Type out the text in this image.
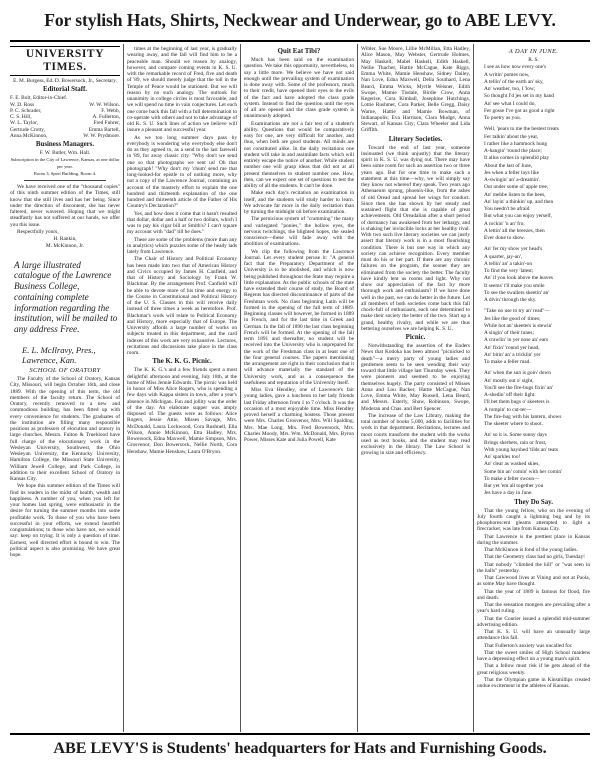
For stylish Hats, Shirts, Neckwear and Underwear, go to ABE LEVY.
UNIVERSITY TIMES.

E. M. Burgess, Ed. D. Bowersock, Jr., Secretary.

Editorial Staff.
F. E. Bolt, Editor-in-Chief.
W. D. Ross	W. W. Wilson.
P. C. Schrader,	F. Webb,
C. S. Hill,	A. Fullerton,
W. L. Taylor,	Fred Fuhrer,
Gertrude Crotty,	Emma Bartell,
Anna McKinnon,	W. W. Prydmore.
Business Managers.

F. W. Butler, Wm. Hall.

Subscription in the City of Lawrence, Kansas, at one dollar per year.

Room 3, Sport Building, Room 4.

We have received one of the "thousand copies" of this ninth summer edition of the Times, still know that she still lives and has her being. Since under the direction of discontent, she has never faltered, never wavered. Hoping that we might steadfastly has not suffered at our hands, we offer you this issue.

Respectfully yours,

H. Rankin,

M. McKinnon, Jr.

A large illustrated catalogue of the Lawrence Business College, containing complete information regarding the institution, will be mailed to any address Free.
E. L. McIlravy, Pres., Lawrence, Kan.
SCHOOL OF ORATORY

The Faculty of the School of Oratory, Kansas City, Missouri, will begin October 16th, and close 1889. With the opening of this term, the old members of the faculty return. The School of Oratory, recently removed to a new and commodious building, has been fitted up with every convenience for students. The graduates of the institution are filling many responsible positions as professors of elocution and oratory in large churches. Messrs. Fulton & Trueblood have full charge of the elocutionary work in the Wesleyan University, Southwest, the Ohio Wesleyan University, the Kentucky University, Hamilton College, the Missouri State University, William Jewell College, and Park College, in addition to their excellent School of Oratory in Kansas City.

We hope this summer edition of the Times will find its readers in the midst of health, wealth and happiness. A number of you, when you left for your homes last spring, were enthusiastic in the desire for turning the summer months into some profitable work. To those of you who have been successful in your efforts, we extend heartfelt congratulations; to those who have not, we would say: keep on trying. It is only a question of time. Earnest, well directed effort is bound to win. The political aspect is also promising. We have great hope.

times at the beginning of last year, is gradually wearing away, and the fall will find him to be a peaceable man. Should we reason by analogy, however, and compare coming events in K. S. U. with the remarkable record of Fred, five and death of '89, we should merely judge that the toll in the Temple of Peace would be stationed. But we will reason by no such analogy. The outlook for unanimity in college circles is most favorable, and we will spend no time in vain conjectures. Let each one come back this fall with a full determination to co-operate with others and not to take advantage of old K. S. U. Such lines of action we believe will insure a pleasant and successful year.

As we too long summer days pass by everybody is wondering why everybody else don't do as they agreed to, as a send to the last farewell in '89, for away classic city. "Why don't we send one so that photographs we sent us! Oh that photograph! "Why don't my 'chum' send me that long-looked-for epistle to of nothing more, why not a copy of the Lawrence Journal, containing an account of the masterly effort to explain the one hundred and thirteenth explanation of the one hundred and thirteenth article of the Father of His Country's Declaration?"

Yes, and how does it come that it hasn't resulted that dollar, dollar and a half or two dollars, which I was to pay his cigar bill at Smith's? I can't square my account with "dad" till he does."

These are some of the problems (more than any in analytics) which puzzles some of the heady lads lately from Lawrence.

The Chair of History and Political Economy has been made into two that of American History and Civics occupied by James H. Canfield, and that of History and Sociology by Frank W. Blackmar. By the arrangement Prof. Canfield will be able to devote more of his time and energy to the Course in Constitutional and Political History of the U. S. Classes in this will receive daily instead of three times a week as heretofore. Prof. Blackmar's work will relate to Political Economy and History, more especially that of Europe. The University affords a large number of works on subjects treated in this department, and the card indexes of this work are very exhaustive. Lectures, recitations and discussions take place in the class room.

The K. K. G. Picnic.

The K. K. G.'s and a few friends spent a most delightful afternoon and evening, July 18th, at the home of Miss Jennie Edwards. The picnic was held in honor of Miss Alice Rogers, who is spending a few days with Kappa sisters in town, after a year's absence in Michigan. Fun and jollity was the order of the day. An elaborate supper was amply disposed of. The guests were as follows: Alice Rogers, Jessie Attie, Misses Savage, Mrs. McDonald, Laura Lockwood, Cora Rushnell, Ella Wilson, Annie McKinnon, Etta Hadley, Mrs. Bowersock, Edna Maxwell, Mamie Simpson, Mrs. Grosvenor, Don Bowersock, Nellie North, Cora Henshaw, Mamie Henshaw, Laura O'Bryon.

Quit Eat Tibi?

Much has been said on the examination question. We take this opportunity, nevertheless, to say a little more. We believe we have not said enough until the prevailing system of examination is done away with. Some of the professors, much to their credit, have opened their eyes to the evils of the fact and have adopted the class grade system. Instead to find the question until the eyes of all are opened and the class grade system is unanimously adopted.

Examinations are not a fair test of a student's ability. Questions that would be comparatively easy for one, are very difficult for another, and thus, when both are good students. All minds are not constituted alike. In the daily recitations one student will take in and assimilate facts which will entirely escape the notice of another. While student number one will grasp ideas that did not at all present themselves to student number one. How, then, can we expect one set of questions to test the ability of all the students. It can't be done.

Make each day's recitation an examination in itself, and the students will study harder to learn. We advocate far more in the daily recitation than by turning the midnight oil before examination.

The pernicious system of "cramming" the many and variegated "ponies," the hollow eyes, the nervous twitchings, the blighted hopes, the sealed conscience—these will fade away with the abolition of examinations.

We clip the following from the Lawrence Journal. Let every student peruse it: "A general fact that the Preparatory Department of the University is to be abolished, and which is now being published throughout the State may require a little explanation. As the public schools of the state have extended their course of study, the Board of Regents has directed discontinuance of parts of the Freshman work. No class beginning Latin will be formed in the opening of the fall term of 1889. Beginning classes will however, be formed in 1889 in French, and for the last time in Greek and German. In the fall of 1890 the last class beginning French will be formed. At the opening of the fall term 1891 and thereafter, no student will be received into the University who is unprepared for the work of the Freshman class in at least one of the four general courses. The papers mentioning the arrangement are right in their conclusion that it will advance materially the standard of the University work, and as a consequence the usefulness and reputation of the University itself.

Miss Eva Hendley, one of Lawrence's fair young ladies, gave a luncheon to her lady friends last Friday afternoon from 1 to 7 o'clock. It was the occasion of a most enjoyable time. Miss Hendley proved herself a charming hostess. Those present were Mrs. Charles Grosvenor, Mrs. Will Spalding, Mrs. Mae Long, Mrs. Fred Bowersock, Mrs. Charles Moody, Mrs. Wm. McDonald, Mrs. Byron Power, Misses Kate and Julia Powell, Kate

Wibler, Sue Moore, Lillie McMillan, Etta Hadley, Alice Mason, May Webster, Gertrude Holmes, May Haskell, Mabel Haskell, Edith Haskell, Nellie Thacher, Hattie McCague, Kate Riggs, Emma White, Mamie Henshaw, Sidney Dailey, Nan Love, Edna Maxwell, Della Southard, Lena Beard, Emma Wicks, Myrtle Weisner, Edith Swope, Mamie Tisdale, Birdie Crow, Anna Kegerise, Cora Kimball, Josephine Hutchings, Lottie Rushmer, Cora Parker, Belle Gregg, Daisy Warne, Hattie and Mamie Bowman, of Indianapolis; Eva Harrison, Clara Mudge, Anna Stewart, of Kansas City; Clara Wheeler and Lida Griffith.

Literary Societies.

Toward the end of last year, someone insinuated (we think unjustly) that the literary spirit in K. S. U. was dying out. There may have been some room for such an assertion two or three years ago. But for one time to make such a statement at this time—why, we will simply say they know not whereof they speak. Two years ago Athenaeum sprung, phoenix-like, from the ashes of old Oread and spread her wings for conduct. Since then she has shown by her steady and sustained flight that she is capable of great achievements. Old Oreadalian after a short period of dormancy has awakened from her lethargy, and is shaking her invincible locks at her healthy rival. With two such live literary societies we can justly assert that literary work is in a most flourishing condition. There is but one way in which any society can achieve recognition. Every member must do his or her part. If there are any chronic failures on the program, the sooner they are eliminated from the society the better. The faculty have kindly lent us rooms and light. Why not show our appreciation of the fact by more thorough work and enthusiasm? If we have done well in the past, we can do better in the future. Let all members of both societies come back this fall chock-full of enthusiasm, each one determined to make their society the better of the two. Start up a grand, healthy rivalry, and while we are thus bettering ourselves we are helping K. S. U.

Picnic.

Notwithstanding the assertion of the Enders News that Kodoka has been almost "picnicked to death"—a merry party of young ladies and gentlemen seem to be seen wending their way toward that little village last Thursday week. They were pioneers and seemed to be enjoying themselves hugely. The party consisted of Misses Anna and Lou Backer, Hattie McCague, Nan Love, Emma White, May Russell, Lena Beard, and Messrs. Esterly, Shaw, Robinson, Swope, Moderan and Chas. and Bert Spencer.

The increase of the Law Library, making the total number of books 5,000, adds to facilities for work in that department. Recitations, lectures and moot courts transform the student with the works used as text books, and the student may read exclusively in the library. The Law School is growing in size and efficiency.

A DAY IN JUNE.

R. S.

I see as how now every one's

A writin' pomes now,

A tellin' of the earth an' sky,

An' weather, too, I 'low;

So thought I'd jes set in my hand

An' see what I could do,

Fer gosse I've got as good a right

To poetry as you.

Well, 'pears to me the bestest treats

Fer talkin' about the year,

I rather like a hammock hung

A-hangin' 'round the place;

It allus comes in splendid play

About the last of June,

Jes when a feller lays like

A-swingin' an' a-dreamin'.

Out under some ol' apple tree,

An' mebbe listen to the bees,

An' layin' a thinkin' up, and then

You needn't be afraid

But what you can enjoy yerself,

A rockin' 'n an' fro,

A lettin' all the breezes, then

Ever done to show.

An' fer my show yer head's

A quarter, jay-an',

A tellin' an' a takin'-on

To find the very 'latest;

An' if you look above the leaves

It seems' t'll make you smile

To see the swallers skeetin' an'

A divin' through the sky.

"Take no use to try an' read"—

Jes like the good ol' times;

While hot an' skeeters is stewin'

A singin' of their tunes;

A crawlin' in yer nose an' ears

An' fixin' 'round yer head,

An' bitin' an' a tricklin' yer

To make a feller mad.

An' when the sun is goin' down

An' mostly out o' sight,

You'll see the fire-bugs fixin' an'

A-shedin' off their light.

I'll bet them bugs o' skeeters is

A rompin' to cut-ter—

The fire-bug with his lantern, shows

The skeeter where to shoot.

An' so it is. Some sunny days

Brings sherbets, rain or frost,

With young hayshed 'tilds an' teats

An' sparkles too!

An' clear as washed skies,

Some bin an' comin' with her comin'

To make a feller swoon—

But yet 'em all together you

Jes have a day in June.

They Do Say.

That the young fellow, who on the evening of July fourth caught a lightning bug and by its phosphorescent gleams attempted to light a firecracker, was late from Kansas City.

That Lawrence is the prettiest place in Kansas during the summer.

That McKinnon is fond of the young ladies.

That the Geometry class had no girls, Tuesday!

That nobody "climbed the hill" or "was seen in the halls" yesterday.

That Cawwood lives at Vining and not at Paola, as some May have thought.

That the year of 1889 is famous for flood, fire and death.

That the sensation mongers are prevailing after a year's hard ruling.

That the Courier issued a splendid mid-summer advertising edition.

That K. S. U. will have an unusually large attendance this fall.

That Fullerton's anxiety was uncalled for.

That the sweet smiles of High School maidens have a depressing effect on a young man's spirit.

That a fellow must risk if he gets ahead of the great religious weekly.

That the Olympian game in Kinsmillips created undue excitement in the athletes of Kansas.

ABE LEVY'S is Students' headquarters for Hats and Furnishing Goods.
